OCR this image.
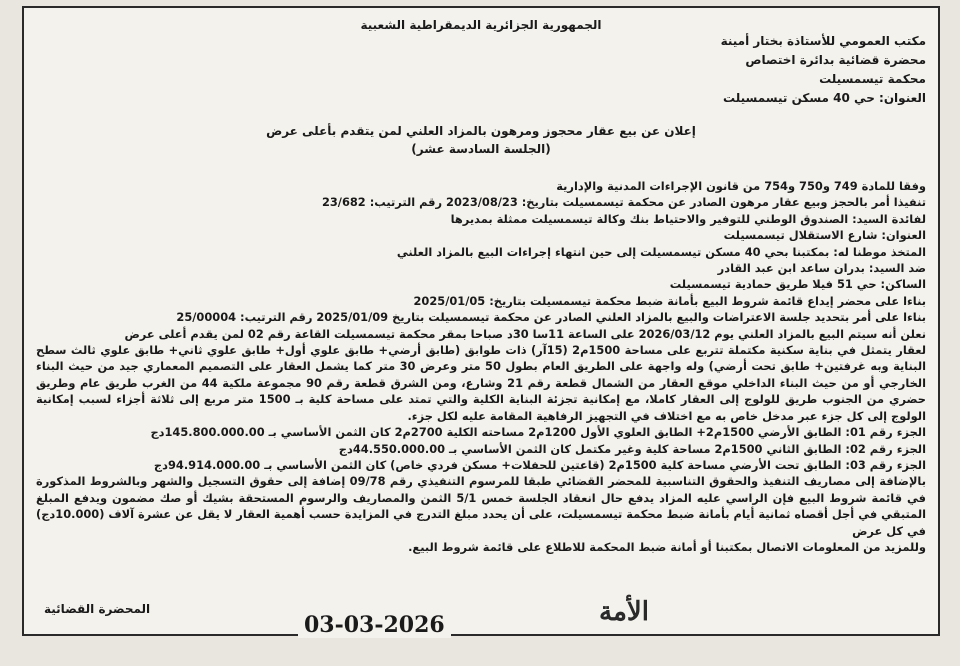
الجمهورية الجزائرية الديمقراطية الشعبية
مكتب العمومي للأستاذة بختار أمينة
محضرة قضائية بدائرة اختصاص
محكمة تيسمسيلت
العنوان: حي 40 مسكن تيسمسيلت
إعلان عن بيع عقار محجوز ومرهون بالمزاد العلني لمن يتقدم بأعلى عرض
(الجلسة السادسة عشر)

وفقا للمادة 749 و750 و754 من قانون الإجراءات المدنية والإدارية

تنفيذا أمر بالحجز وبيع عقار مرهون الصادر عن محكمة تيسمسيلت بتاريخ: 2023/08/23 رقم الترتيب: 23/682

لفائدة السيد: الصندوق الوطني للتوفير والاحتياط بنك وكالة تيسمسيلت ممثلة بمديرها

العنوان: شارع الاستقلال تيسمسيلت

المتخذ موطنا له: بمكتبنا بحي 40 مسكن تيسمسيلت إلى حين انتهاء إجراءات البيع بالمزاد العلني

ضد السيد: بدران ساعد ابن عبد القادر

الساكن: حي 51 فيلا طريق حمادية تيسمسيلت

بناءا على محضر إيداع قائمة شروط البيع بأمانة ضبط محكمة تيسمسيلت بتاريخ: 2025/01/05

بناءا على أمر بتحديد جلسة الاعتراضات والبيع بالمزاد العلني الصادر عن محكمة تيسمسيلت بتاريخ 2025/01/09 رقم الترتيب: 25/00004

نعلن أنه سيتم البيع بالمزاد العلني يوم 2026/03/12 على الساعة 11سا 30د صباحا بمقر محكمة تيسمسيلت القاعة رقم 02 لمن يقدم أعلى عرض

لعقار يتمثل في بناية سكنية مكتملة تتربع على مساحة 1500م2 (15آر) ذات طوابق (طابق أرضي+ طابق علوي أول+ طابق علوي ثاني+ طابق علوي ثالث سطح البناية وبه غرفتين+ طابق تحت أرضي) وله واجهة على الطريق العام بطول 50 متر وعرض 30 متر كما يشمل العقار على التصميم المعماري جيد من حيث البناء الخارجي أو من حيث البناء الداخلي موقع العقار من الشمال قطعة رقم 21 وشارع، ومن الشرق قطعة رقم 90 مجموعة ملكية 44 من الغرب طريق عام وطريق حضري من الجنوب طريق للولوج إلى العقار كاملا، مع إمكانية تجزئة البناية الكلية والتي تمتد على مساحة كلية بـ 1500 متر مربع إلى ثلاثة أجزاء لسبب إمكانية الولوج إلى كل جزء عبر مدخل خاص به مع اختلاف في التجهيز الرفاهية المقامة عليه لكل جزء.

الجزء رقم 01: الطابق الأرضي 1500م2+ الطابق العلوي الأول 1200م2 مساحته الكلية 2700م2 كان الثمن الأساسي بـ 145.800.000.00دج

الجزء رقم 02: الطابق الثاني 1500م2 مساحة كلية وغير مكتمل كان الثمن الأساسي بـ 44.550.000.00دج

الجزء رقم 03: الطابق تحت الأرضي مساحة كلية 1500م2 (قاعتين للحفلات+ مسكن فردي خاص) كان الثمن الأساسي بـ 94.914.000.00دج

بالإضافة إلى مصاريف التنفيذ والحقوق التناسبية للمحضر القضائي طبقا للمرسوم التنفيذي رقم 09/78 إضافة إلى حقوق التسجيل والشهر وبالشروط المذكورة في قائمة شروط البيع فإن الراسي عليه المزاد يدفع حال انعقاد الجلسة خمس 5/1 الثمن والمصاريف والرسوم المستحقة بشيك أو صك مضمون ويدفع المبلغ المتبقي في أجل أقصاه ثمانية أيام بأمانة ضبط محكمة تيسمسيلت، على أن يحدد مبلغ التدرج في المزايدة حسب أهمية العقار لا يقل عن عشرة آلاف (10.000دج) في كل عرض

وللمزيد من المعلومات الاتصال بمكتبنا أو أمانة ضبط المحكمة للاطلاع على قائمة شروط البيع.

المحضرة القضائية	الأمة
03-03-2026
